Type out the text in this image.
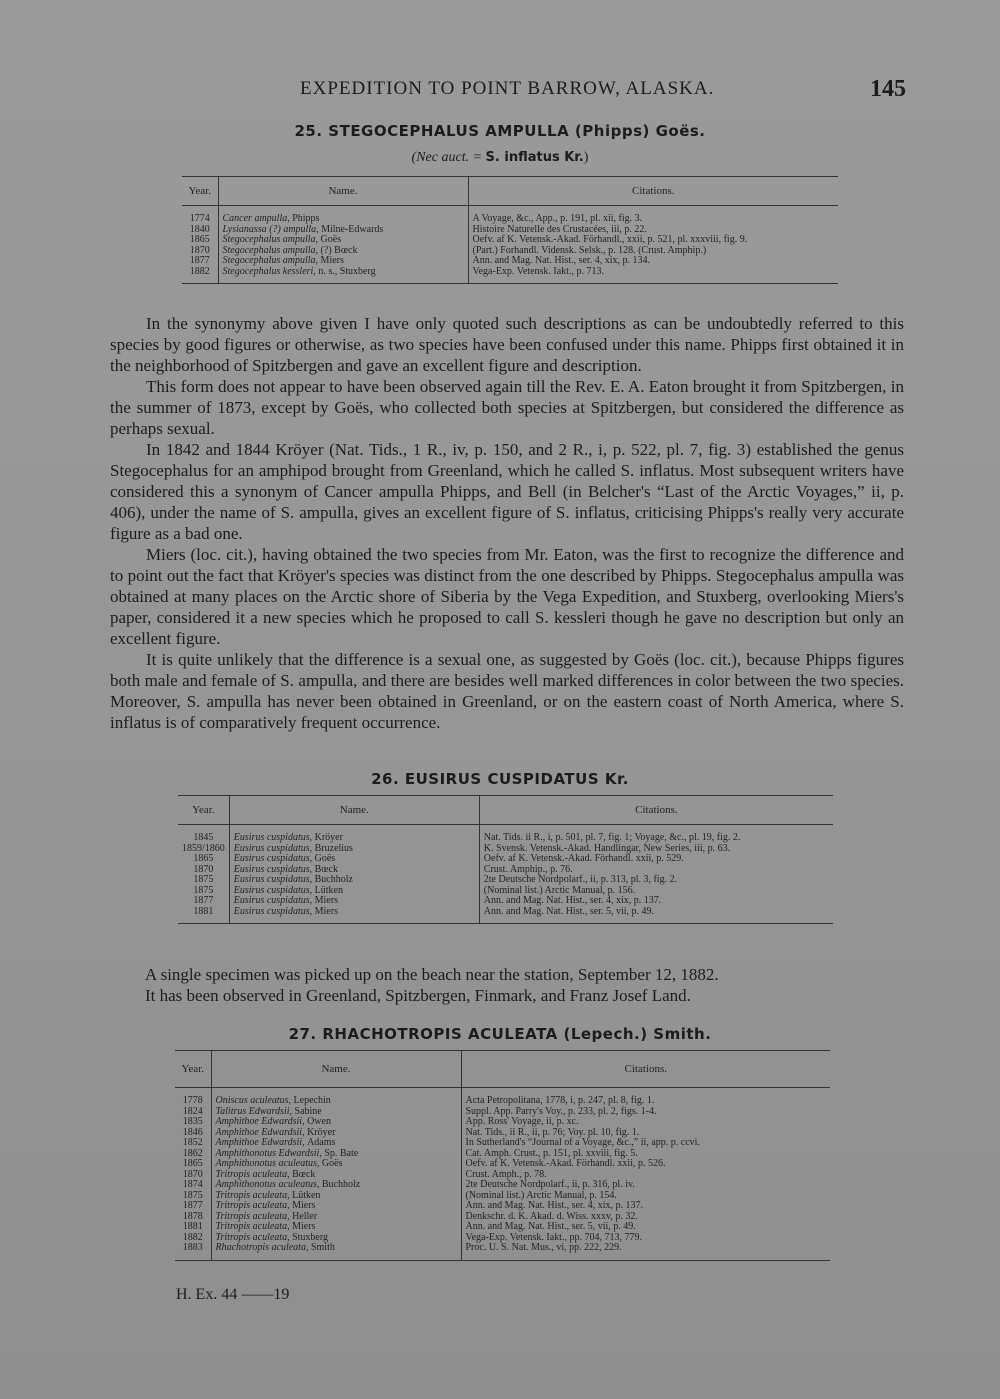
EXPEDITION TO POINT BARROW, ALASKA.	145
25. STEGOCEPHALUS AMPULLA (Phipps) Goës.
(Nec auct. = S. inflatus Kr.)
Year.	Name.	Citations.
1774	Cancer ampulla, Phipps	A Voyage, &c., App., p. 191, pl. xii, fig. 3.
1840	Lysianassa (?) ampulla, Milne-Edwards	Histoire Naturelle des Crustacées, iii, p. 22.
1865	Stegocephalus ampulla, Goës	Oefv. af K. Vetensk.-Akad. Förhandl., xxii, p. 521, pl. xxxviii, fig. 9.
1870	Stegocephalus ampulla, (?) Bœck	(Part.) Forhandl. Vidensk. Selsk., p. 128. (Crust. Amphip.)
1877	Stegocephalus ampulla, Miers	Ann. and Mag. Nat. Hist., ser. 4, xix, p. 134.
1882	Stegocephalus kessleri, n. s., Stuxberg	Vega-Exp. Vetensk. Iakt., p. 713.

In the synonymy above given I have only quoted such descriptions as can be undoubtedly referred to this species by good figures or otherwise, as two species have been confused under this name. Phipps first obtained it in the neighborhood of Spitzbergen and gave an excellent figure and description.

This form does not appear to have been observed again till the Rev. E. A. Eaton brought it from Spitzbergen, in the summer of 1873, except by Goës, who collected both species at Spitzbergen, but considered the difference as perhaps sexual.

In 1842 and 1844 Kröyer (Nat. Tids., 1 R., iv, p. 150, and 2 R., i, p. 522, pl. 7, fig. 3) established the genus Stegocephalus for an amphipod brought from Greenland, which he called S. inflatus. Most subsequent writers have considered this a synonym of Cancer ampulla Phipps, and Bell (in Belcher's “Last of the Arctic Voyages,” ii, p. 406), under the name of S. ampulla, gives an excellent figure of S. inflatus, criticising Phipps's really very accurate figure as a bad one.

Miers (loc. cit.), having obtained the two species from Mr. Eaton, was the first to recognize the difference and to point out the fact that Kröyer's species was distinct from the one described by Phipps. Stegocephalus ampulla was obtained at many places on the Arctic shore of Siberia by the Vega Expedition, and Stuxberg, overlooking Miers's paper, considered it a new species which he proposed to call S. kessleri though he gave no description but only an excellent figure.

It is quite unlikely that the difference is a sexual one, as suggested by Goës (loc. cit.), because Phipps figures both male and female of S. ampulla, and there are besides well marked differences in color between the two species. Moreover, S. ampulla has never been obtained in Greenland, or on the eastern coast of North America, where S. inflatus is of comparatively frequent occurrence.

26. EUSIRUS CUSPIDATUS Kr.
Year.	Name.	Citations.
1845	Eusirus cuspidatus, Kröyer	Nat. Tids. ii R., i, p. 501, pl. 7, fig. 1; Voyage, &c., pl. 19, fig. 2.
1859/1860	Eusirus cuspidatus, Bruzelius	K. Svensk. Vetensk.-Akad. Handlingar, New Series, iii, p. 63.
1865	Eusirus cuspidatus, Goës	Oefv. af K. Vetensk.-Akad. Förhandl. xxii, p. 529.
1870	Eusirus cuspidatus, Bœck	Crust. Amphip., p. 76.
1875	Eusirus cuspidatus, Buchholz	2te Deutsche Nordpolarf., ii, p. 313, pl. 3, fig. 2.
1875	Eusirus cuspidatus, Lütken	(Nominal list.) Arctic Manual, p. 156.
1877	Eusirus cuspidatus, Miers	Ann. and Mag. Nat. Hist., ser. 4, xix, p. 137.
1881	Eusirus cuspidatus, Miers	Ann. and Mag. Nat. Hist., ser. 5, vii, p. 49.
A single specimen was picked up on the beach near the station, September 12, 1882.
It has been observed in Greenland, Spitzbergen, Finmark, and Franz Josef Land.
27. RHACHOTROPIS ACULEATA (Lepech.) Smith.
Year.	Name.	Citations.
1778	Oniscus aculeatus, Lepechin	Acta Petropolitana, 1778, i, p. 247, pl. 8, fig. 1.
1824	Talitrus Edwardsii, Sabine	Suppl. App. Parry's Voy., p. 233, pl. 2, figs. 1-4.
1835	Amphithoe Edwardsii, Owen	App. Ross' Voyage, ii, p. xc.
1846	Amphithoe Edwardsii, Kröyer	Nat. Tids., ii R., ii, p. 76; Voy. pl. 10, fig. 1.
1852	Amphithoe Edwardsii, Adams	In Sutherland's “Journal of a Voyage, &c.,” ii, app. p. ccvi.
1862	Amphithonotus Edwardsii, Sp. Bate	Cat. Amph. Crust., p. 151, pl. xxviii, fig. 5.
1865	Amphithonotus aculeatus, Goës	Oefv. af K. Vetensk.-Akad. Förhandl. xxii, p. 526.
1870	Tritropis aculeata, Bœck	Crust. Amph., p. 78.
1874	Amphithonotus aculeatus, Buchholz	2te Deutsche Nordpolarf., ii, p. 316, pl. iv.
1875	Tritropis aculeata, Lütken	(Nominal list.) Arctic Manual, p. 154.
1877	Tritropis aculeata, Miers	Ann. and Mag. Nat. Hist., ser. 4, xix, p. 137.
1878	Tritropis aculeata, Heller	Denkschr. d. K. Akad. d. Wiss. xxxv, p. 32.
1881	Tritropis aculeata, Miers	Ann. and Mag. Nat. Hist., ser. 5, vii, p. 49.
1882	Tritropis aculeata, Stuxberg	Vega-Exp. Vetensk. Iakt., pp. 704, 713, 779.
1883	Rhachotropis aculeata, Smith	Proc. U. S. Nat. Mus., vi, pp. 222, 229.
H. Ex. 44 ——19
